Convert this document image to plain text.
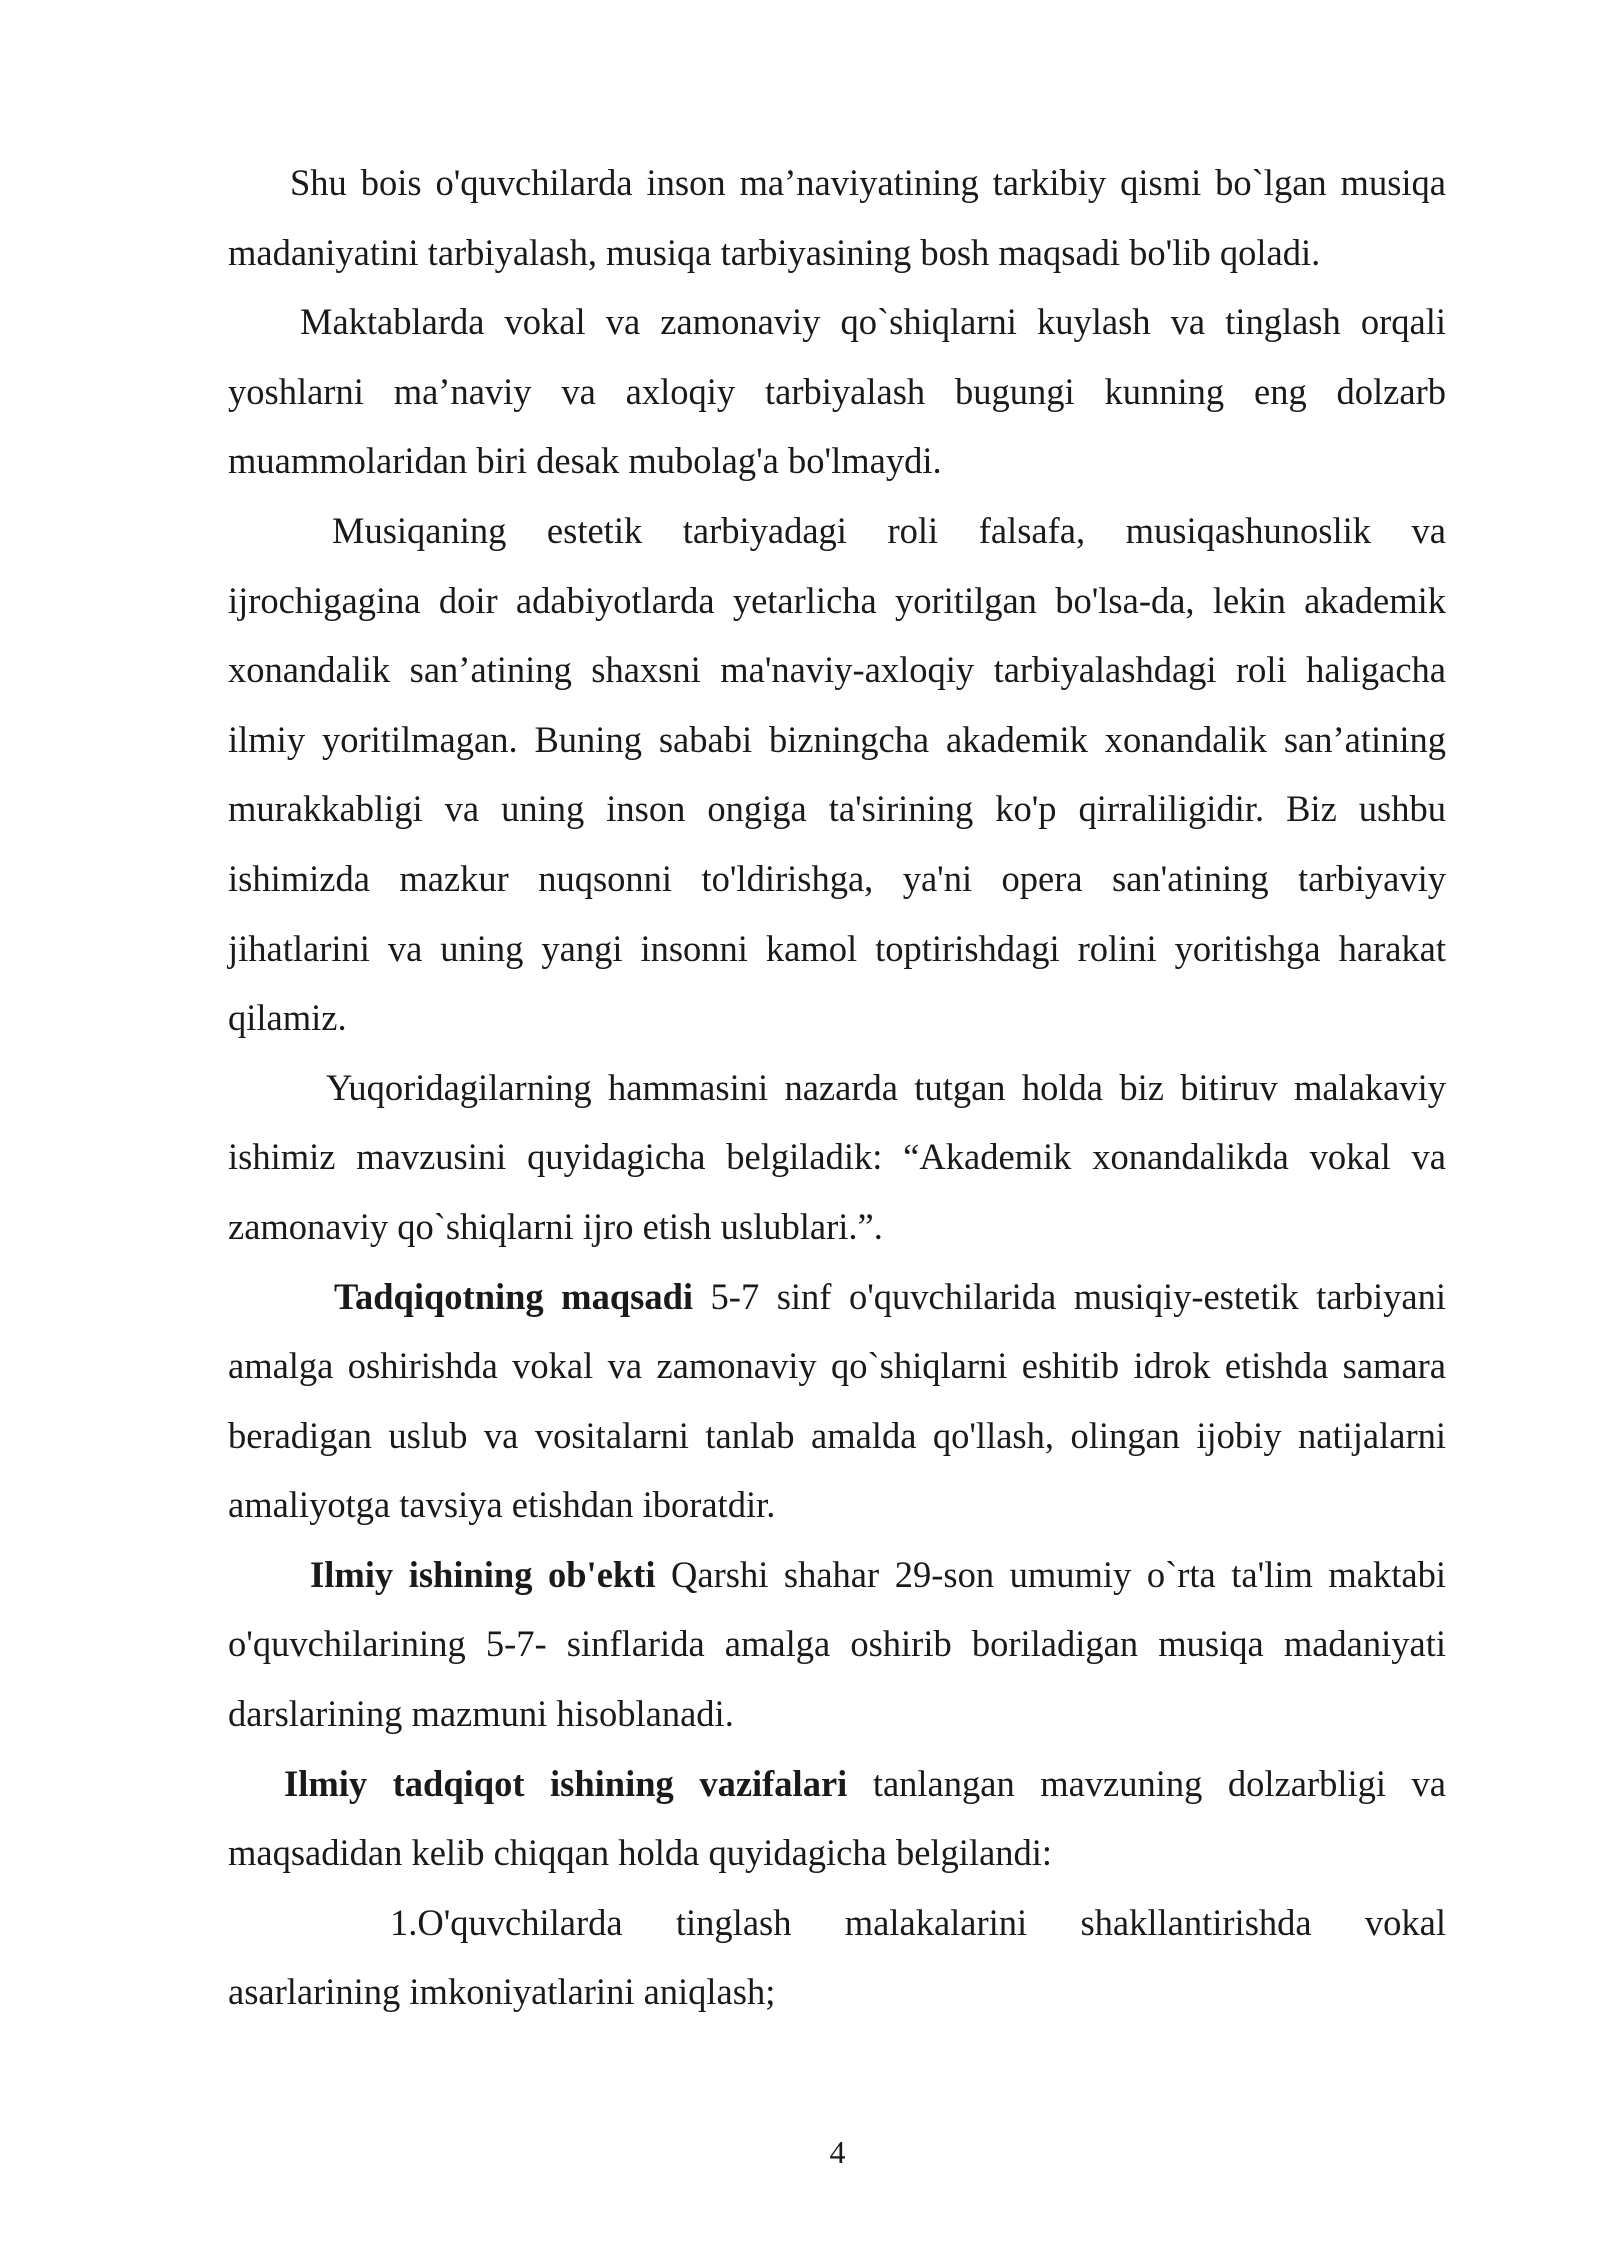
Shu bois o'quvchilarda inson ma’naviyatining tarkibiy qismi bo`lgan musiqa madaniyatini tarbiyalash, musiqa tarbiyasining bosh maqsadi bo'lib qoladi.

Maktablarda vokal va zamonaviy qo`shiqlarni kuylash va tinglash orqali yoshlarni ma’naviy va axloqiy tarbiyalash bugungi kunning eng dolzarb muammolaridan biri desak mubolag'a bo'lmaydi.

Musiqaning estetik tarbiyadagi roli falsafa, musiqashunoslik va ijrochigagina doir adabiyotlarda yetarlicha yoritilgan bo'lsa-da, lekin akademik xonandalik san’atining shaxsni ma'naviy-axloqiy tarbiyalashdagi roli haligacha ilmiy yoritilmagan. Buning sababi bizningcha akademik xonandalik san’atining murakkabligi va uning inson ongiga ta'sirining ko'p qirraliligidir. Biz ushbu ishimizda mazkur nuqsonni to'ldirishga, ya'ni opera san'atining tarbiyaviy jihatlarini va uning yangi insonni kamol toptirishdagi rolini yoritishga harakat qilamiz.

Yuqoridagilarning hammasini nazarda tutgan holda biz bitiruv malakaviy ishimiz mavzusini quyidagicha belgiladik: “Akademik xonandalikda vokal va zamonaviy qo`shiqlarni ijro etish uslublari.”.

Tadqiqotning maqsadi 5-7 sinf o'quvchilarida musiqiy-estetik tarbiyani amalga oshirishda vokal va zamonaviy qo`shiqlarni eshitib idrok etishda samara beradigan uslub va vositalarni tanlab amalda qo'llash, olingan ijobiy natijalarni amaliyotga tavsiya etishdan iboratdir.

Ilmiy ishining ob'ekti Qarshi shahar 29-son umumiy o`rta ta'lim maktabi o'quvchilarining 5-7- sinflarida amalga oshirib boriladigan musiqa madaniyati darslarining mazmuni hisoblanadi.

Ilmiy tadqiqot ishining vazifalari tanlangan mavzuning dolzarbligi va maqsadidan kelib chiqqan holda quyidagicha belgilandi:

1.O'quvchilarda tinglash malakalarini shakllantirishda vokal asarlarining imkoniyatlarini aniqlash;

4
